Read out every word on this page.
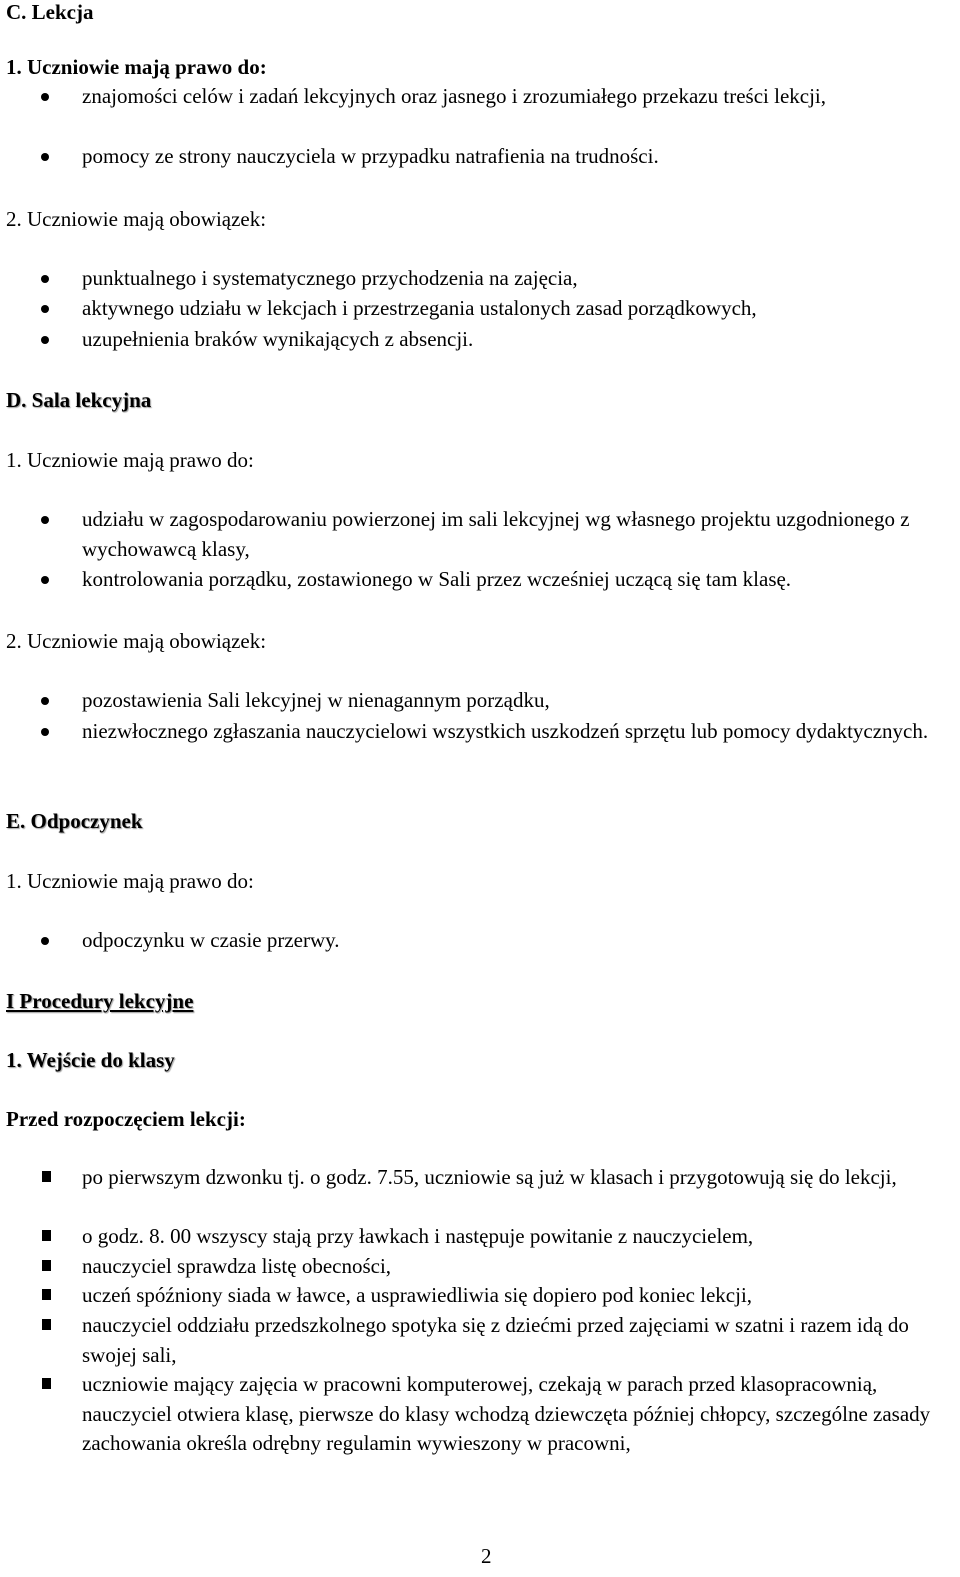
C. Lekcja
1. Uczniowie mają prawo do:
znajomości celów i zadań lekcyjnych oraz jasnego i zrozumiałego przekazu treści lekcji,
pomocy ze strony nauczyciela w przypadku natrafienia na trudności.
2. Uczniowie mają obowiązek:
punktualnego i systematycznego przychodzenia na zajęcia,
aktywnego udziału w lekcjach i przestrzegania ustalonych zasad porządkowych,
uzupełnienia braków wynikających z absencji.
D. Sala lekcyjna
1. Uczniowie mają prawo do:
udziału w zagospodarowaniu powierzonej im sali lekcyjnej wg własnego projektu uzgodnionego z wychowawcą klasy,
kontrolowania porządku, zostawionego w Sali przez wcześniej uczącą się tam klasę.
2. Uczniowie mają obowiązek:
pozostawienia Sali lekcyjnej w nienagannym porządku,
niezwłocznego zgłaszania nauczycielowi wszystkich uszkodzeń sprzętu lub pomocy dydaktycznych.
E. Odpoczynek
1. Uczniowie mają prawo do:
odpoczynku w czasie przerwy.
I Procedury lekcyjne
1. Wejście do klasy
Przed rozpoczęciem lekcji:
po pierwszym dzwonku tj. o godz. 7.55, uczniowie są już w klasach i przygotowują się do lekcji,
o godz. 8. 00 wszyscy stają przy ławkach i następuje powitanie z nauczycielem,
nauczyciel sprawdza listę obecności,
uczeń spóźniony siada w ławce, a usprawiedliwia się dopiero pod koniec lekcji,
nauczyciel oddziału przedszkolnego spotyka się z dziećmi przed zajęciami w szatni i razem idą do swojej sali,
uczniowie mający zajęcia w pracowni komputerowej, czekają w parach przed klasopracownią, nauczyciel otwiera klasę, pierwsze do klasy wchodzą dziewczęta później chłopcy, szczególne zasady zachowania określa odrębny regulamin wywieszony w pracowni,
2
